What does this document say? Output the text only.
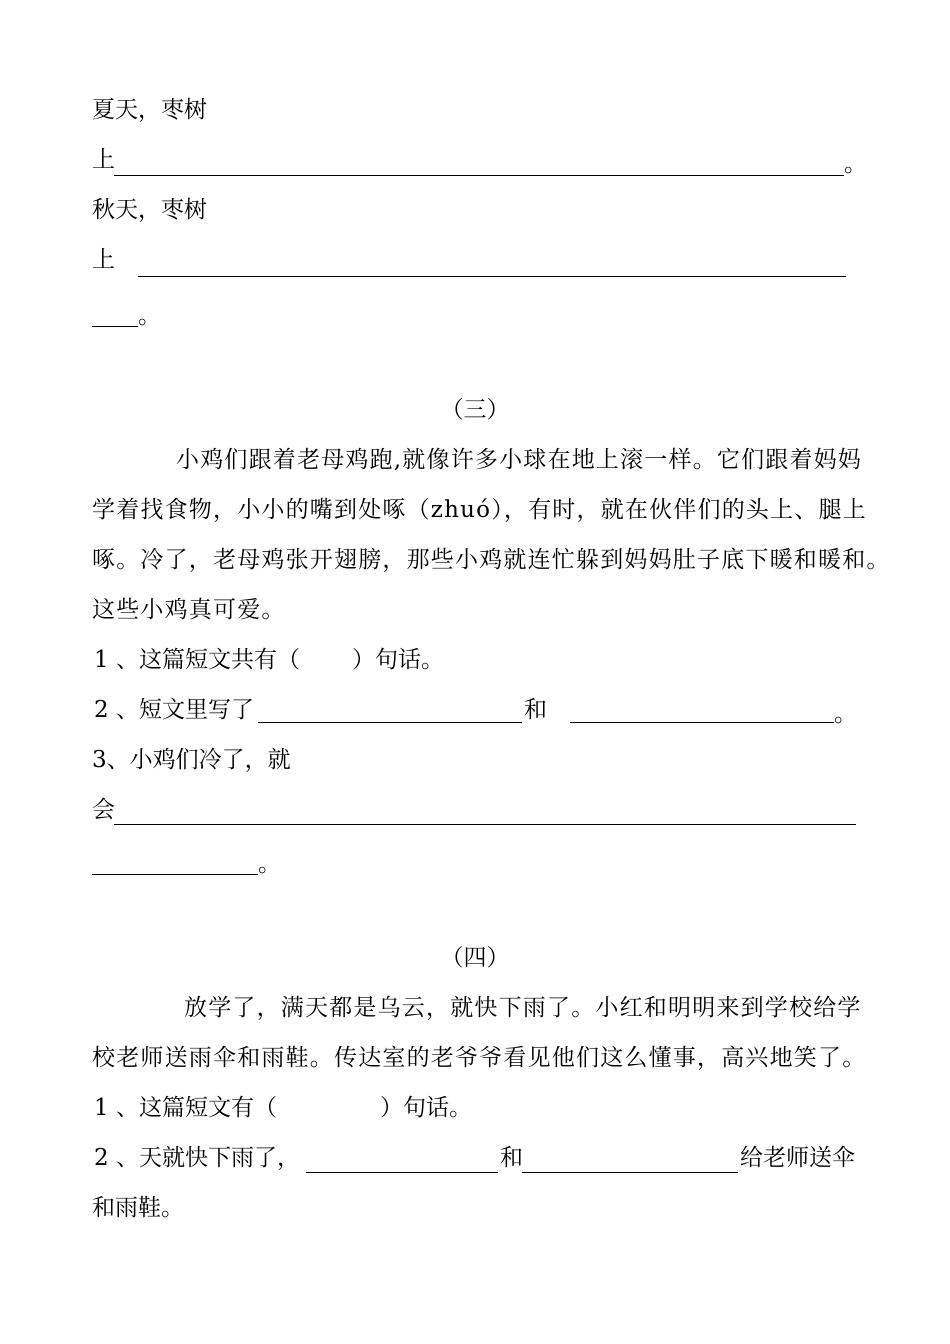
夏天，枣树
上	。
秋天，枣树
上
。
（三）
小鸡们跟着老母鸡跑,就像许多小球在地上滚一样。它们跟着妈妈
学着找食物，小小的嘴到处啄（zhuó），有时，就在伙伴们的头上、腿上
啄。冷了，老母鸡张开翅膀，那些小鸡就连忙躲到妈妈肚子底下暖和暖和。
这些小鸡真可爱。
1 、这篇短文共有（ ）句话。
2 、短文里写了	和	。
3、小鸡们冷了，就
会
。
（四）
放学了，满天都是乌云，就快下雨了。小红和明明来到学校给学
校老师送雨伞和雨鞋。传达室的老爷爷看见他们这么懂事，高兴地笑了。
1 、这篇短文有（	）句话。
2 、天就快下雨了，	和	给老师送伞
和雨鞋。
